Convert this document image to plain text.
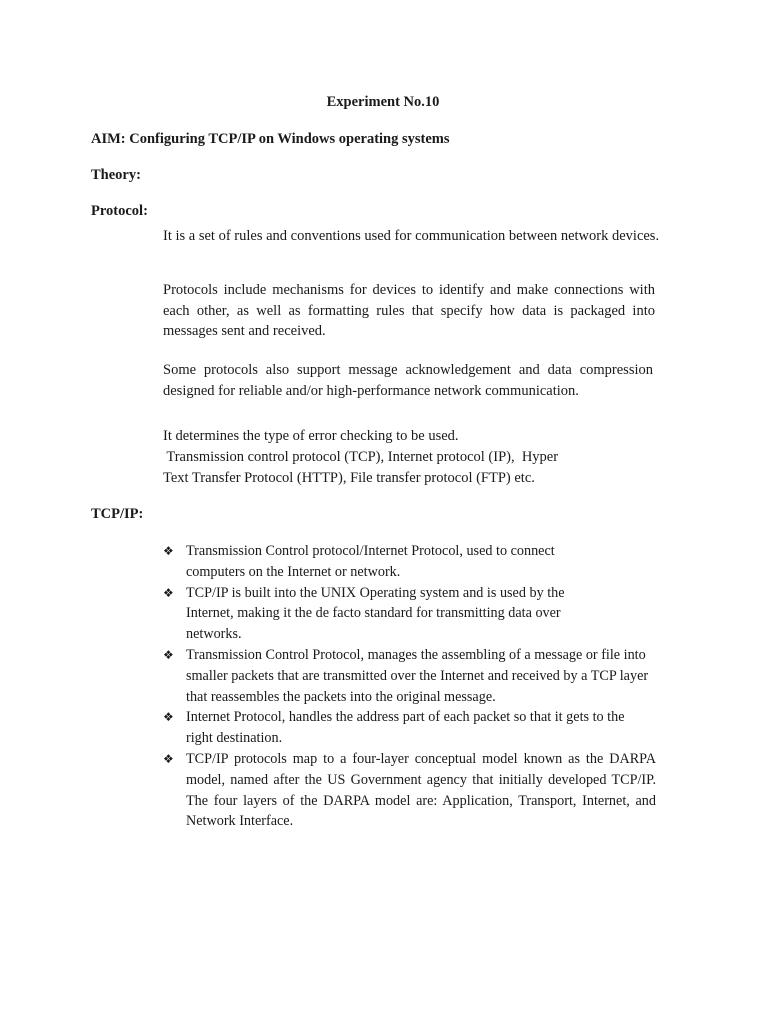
Experiment No.10
AIM: Configuring TCP/IP on Windows operating systems
Theory:
Protocol:

It is a set of rules and conventions used for communication between network devices.

Protocols include mechanisms for devices to identify and make connections with each other, as well as formatting rules that specify how data is packaged into messages sent and received.

Some protocols also support message acknowledgement and data compression designed for reliable and/or high-performance network communication.

It determines the type of error checking to be used.

Transmission control protocol (TCP), Internet protocol (IP),  Hyper

Text Transfer Protocol (HTTP), File transfer protocol (FTP) etc.

TCP/IP:
❖ Transmission Control protocol/Internet Protocol, used to connect computers on the Internet or network.
❖ TCP/IP is built into the UNIX Operating system and is used by the Internet, making it the de facto standard for transmitting data over networks.
❖ Transmission Control Protocol, manages the assembling of a message or file into smaller packets that are transmitted over the Internet and received by a TCP layer that reassembles the packets into the original message.
❖ Internet Protocol, handles the address part of each packet so that it gets to the right destination.
❖ TCP/IP protocols map to a four-layer conceptual model known as the DARPA model, named after the US Government agency that initially developed TCP/IP. The four layers of the DARPA model are: Application, Transport, Internet, and Network Interface.
